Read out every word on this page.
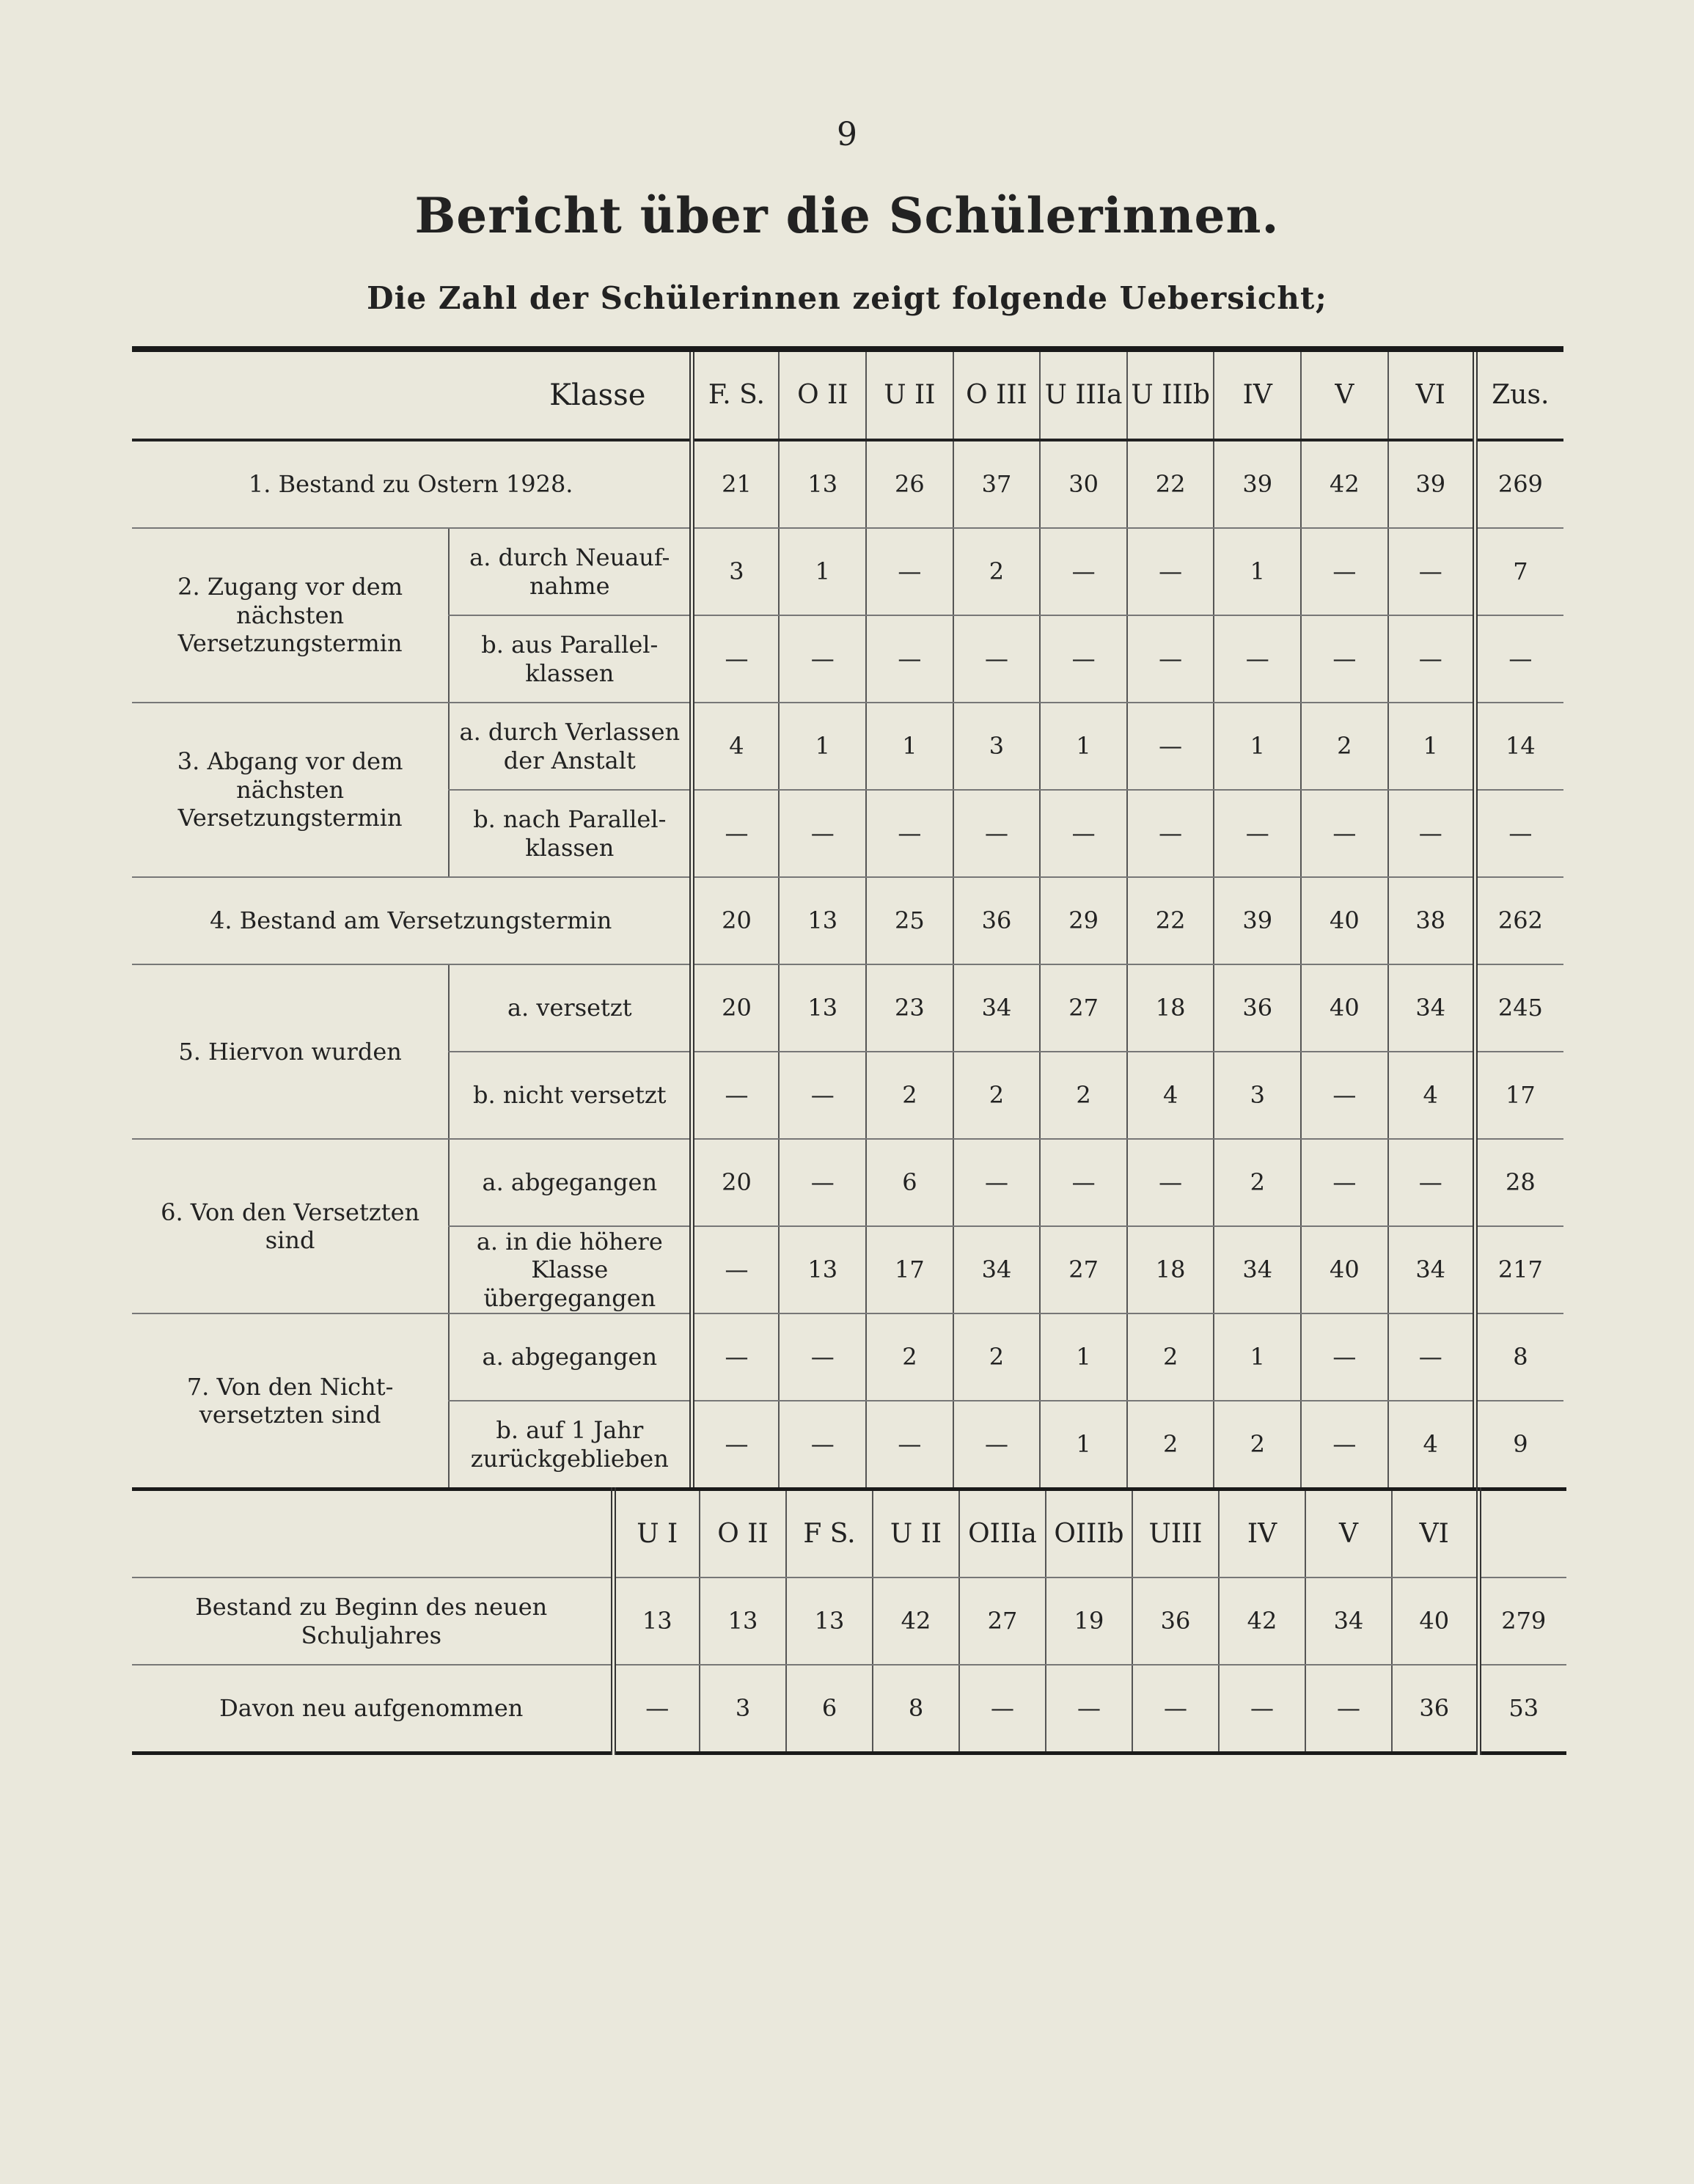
9
Bericht über die Schülerinnen.
Die Zahl der Schülerinnen zeigt folgende Uebersicht;
Klasse		F. S.	O II	U II	O III	U IIIa	U IIIb	IV	V	VI	Zus.
1. Bestand zu Ostern 1928.		21	13	26	37	30	22	39	42	39	269
2. Zugang vor dem nächsten Versetzungstermin	a. durch Neuauf-nahme	3	1	—	2	—	—	1	—	—	7
	b. aus Parallel-klassen	—	—	—	—	—	—	—	—	—	—
3. Abgang vor dem nächsten Versetzungstermin	a. durch Verlassen der Anstalt	4	1	1	3	1	—	1	2	1	14
	b. nach Parallel-klassen	—	—	—	—	—	—	—	—	—	—
4. Bestand am Versetzungstermin		20	13	25	36	29	22	39	40	38	262
5. Hiervon wurden	a. versetzt	20	13	23	34	27	18	36	40	34	245
	b. nicht versetzt	—	—	2	2	2	4	3	—	4	17
6. Von den Versetzten sind	a. abgegangen	20	—	6	—	—	—	2	—	—	28
	a. in die höhere Klasse übergegangen	—	13	17	34	27	18	34	40	34	217
7. Von den Nicht-versetzten sind	a. abgegangen	—	—	2	2	1	2	1	—	—	8
	b. auf 1 Jahr zurückgeblieben	—	—	—	—	1	2	2	—	4	9
	U I	O II	F S.	U II	OIIIa	OIIIb	UIII	IV	V	VI	
Bestand zu Beginn des neuen Schuljahres	13	13	13	42	27	19	36	42	34	40	279
Davon neu aufgenommen	—	3	6	8	—	—	—	—	—	36	53
